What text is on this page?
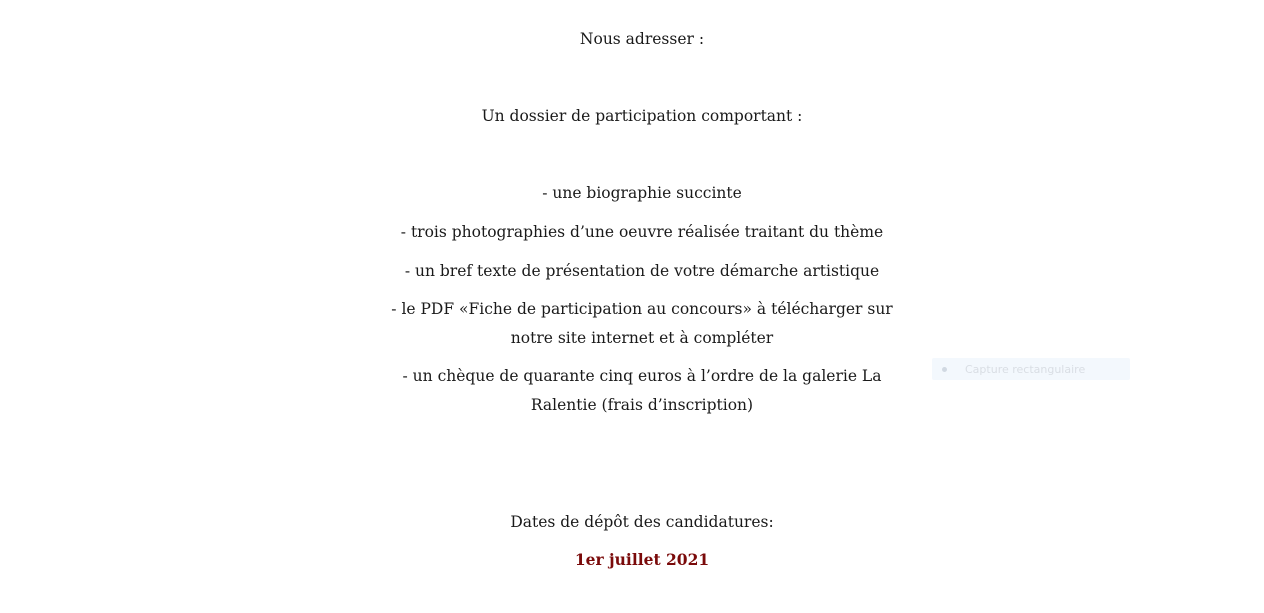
Nous adresser :

Un dossier de participation comportant :

- une biographie succinte

- trois photographies d’une oeuvre réalisée traitant du thème

- un bref texte de présentation de votre démarche artistique

- le PDF «Fiche de participation au concours» à télécharger sur notre site internet et à compléter

- un chèque de quarante cinq euros à l’ordre de la galerie La Ralentie (frais d’inscription)

Dates de dépôt des candidatures:

1er juillet 2021

Capture rectangulaire
